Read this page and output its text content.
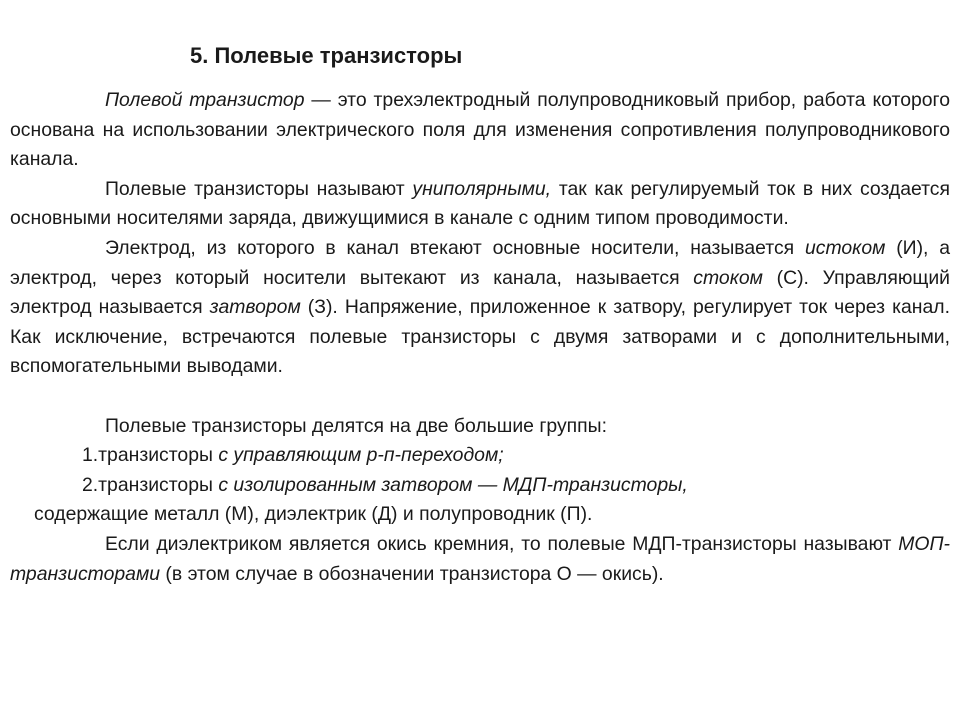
5. Полевые транзисторы

Полевой транзистор — это трехэлектродный полупроводниковый прибор, работа которого основана на использовании электрического поля для изменения сопротивления полупроводникового канала.

Полевые транзисторы называют униполярными, так как регулируемый ток в них создается основными носителями заряда, движущимися в канале с одним типом проводимости.

Электрод, из которого в канал втекают основные носители, называется истоком (И), а электрод, через который носители вытекают из канала, называется стоком (С). Управляющий электрод называется затвором (З). Напряжение, приложенное к затвору, регулирует ток через канал. Как исключение, встречаются полевые транзисторы с двумя затворами и с дополнительными, вспомогательными выводами.

Полевые транзисторы делятся на две большие группы:

1.транзисторы с управляющим р-п-переходом;

2.транзисторы с изолированным затвором — МДП-транзисторы,

содержащие металл (М), диэлектрик (Д) и полупроводник (П).

Если диэлектриком является окись кремния, то полевые МДП-транзисторы называют МОП-транзисторами (в этом случае в обозначении транзистора О — окись).
